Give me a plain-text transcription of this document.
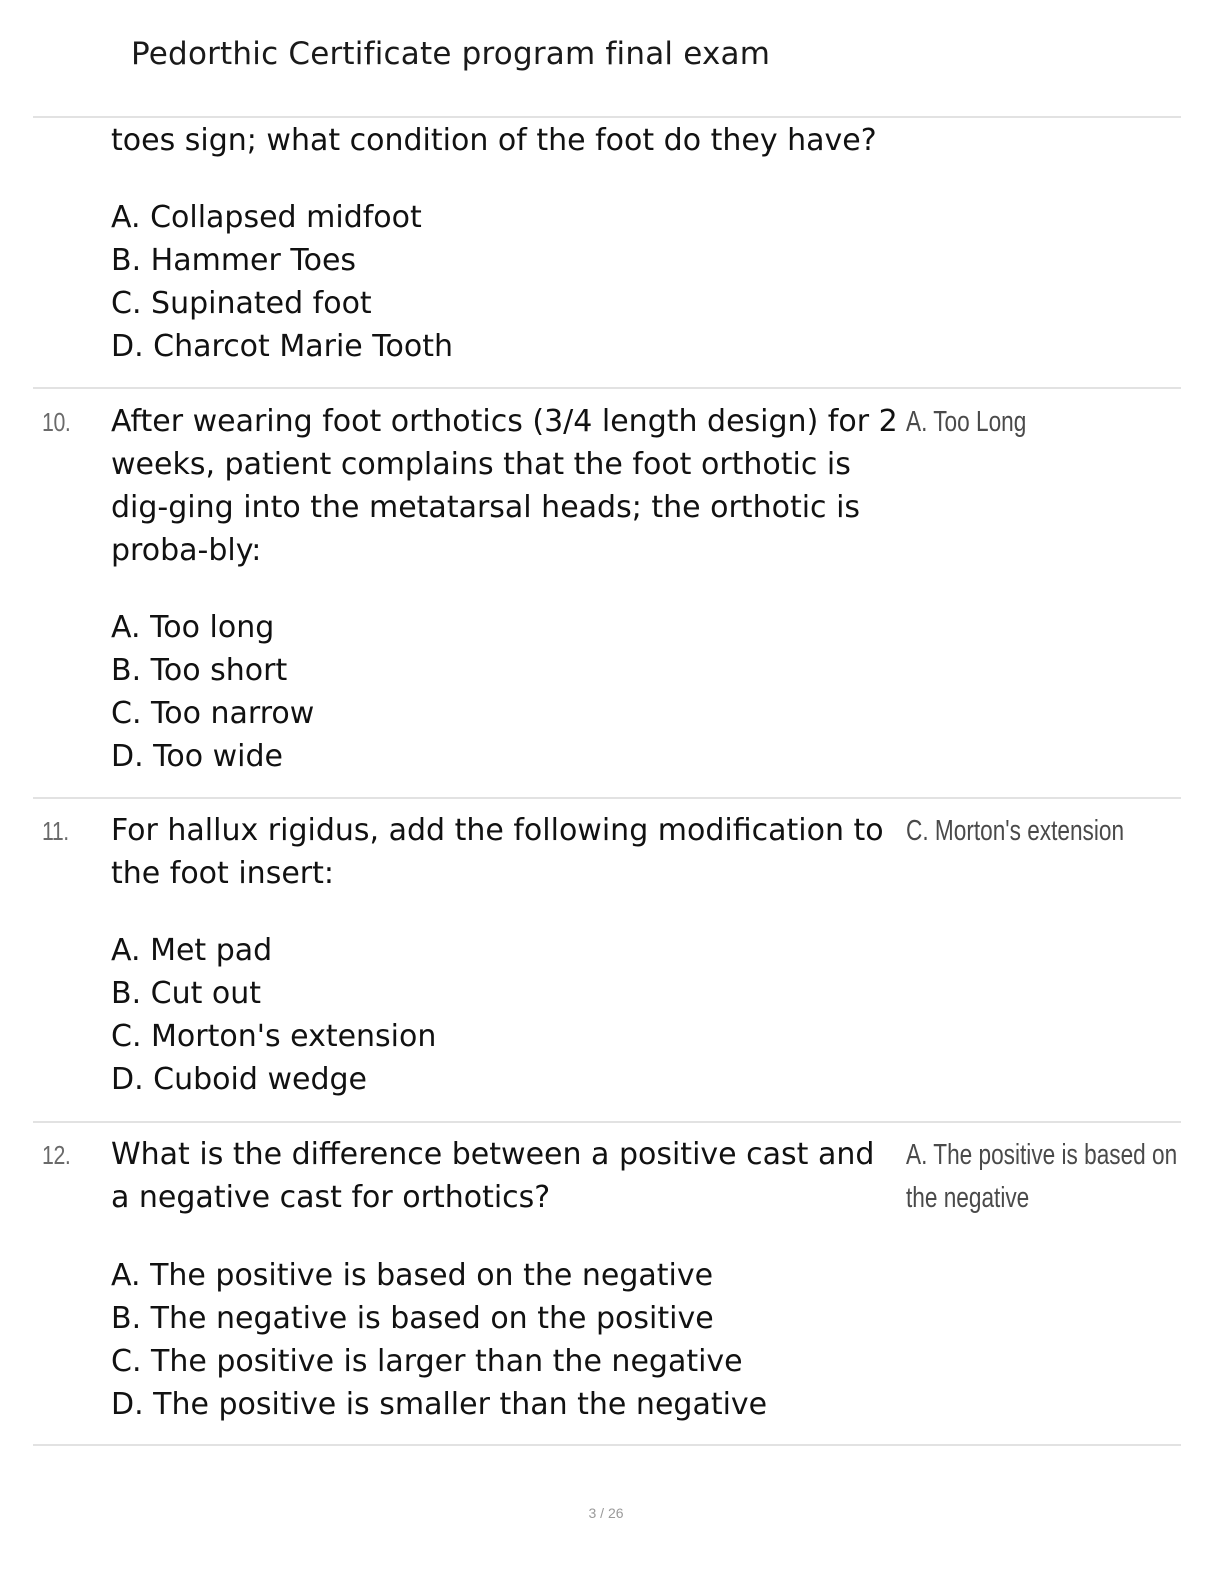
Pedorthic Certificate program final exam
toes sign; what condition of the foot do they have?
A. Collapsed midfoot
B. Hammer Toes
C. Supinated foot
D. Charcot Marie Tooth
10. After wearing foot orthotics (3/4 length design) for 2 weeks, patient complains that the foot orthotic is dig-ging into the metatarsal heads; the orthotic is proba-bly:
A. Too Long
A. Too long
B. Too short
C. Too narrow
D. Too wide
11. For hallux rigidus, add the following modification to the foot insert:
C. Morton's extension
A. Met pad
B. Cut out
C. Morton's extension
D. Cuboid wedge
12. What is the difference between a positive cast and a negative cast for orthotics?
A. The positive is based on
the negative
A. The positive is based on the negative
B. The negative is based on the positive
C. The positive is larger than the negative
D. The positive is smaller than the negative
3 / 26
